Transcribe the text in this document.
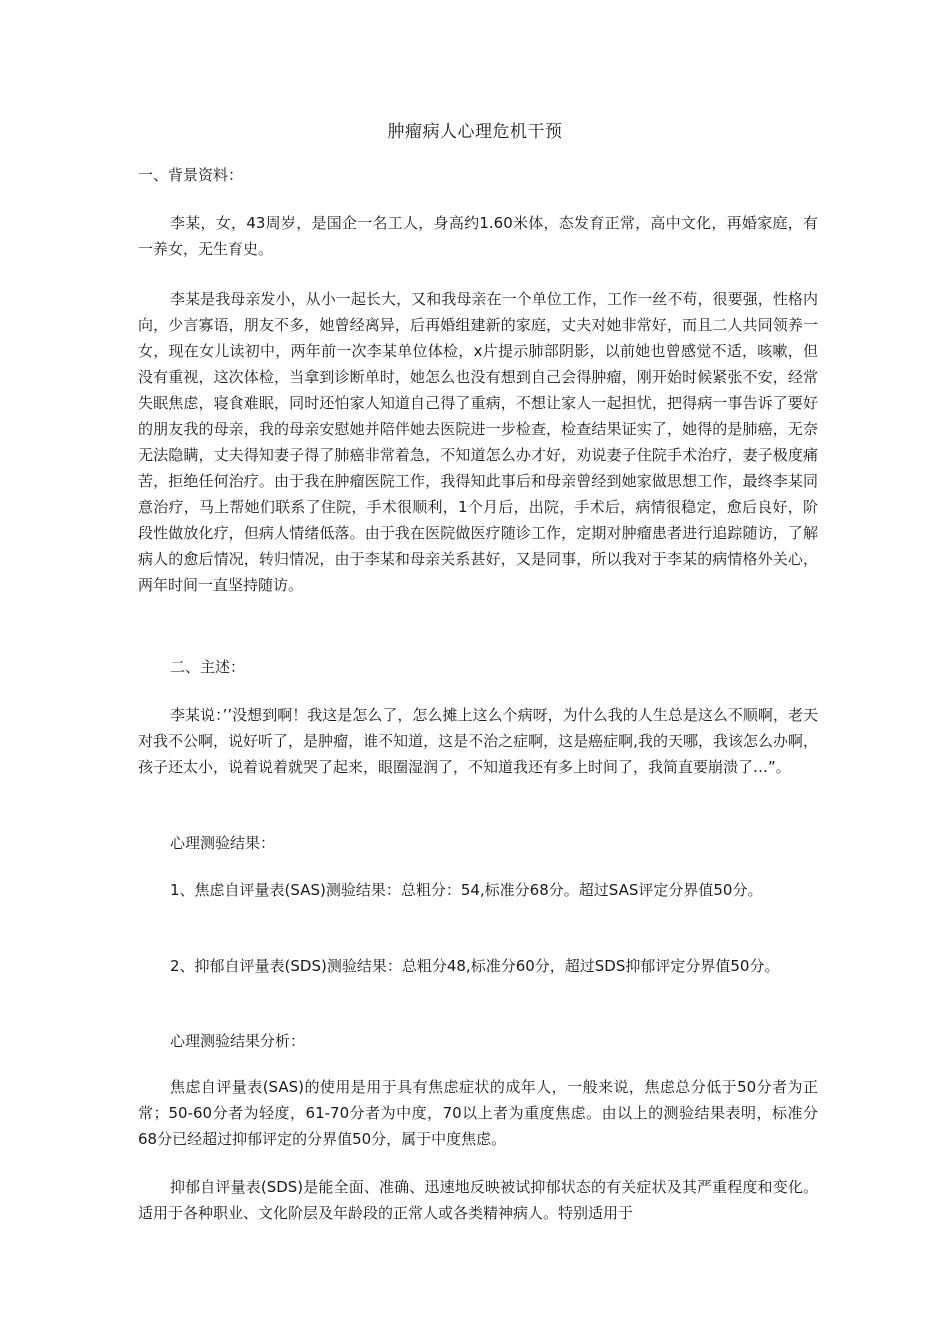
肿瘤病人心理危机干预

一、背景资料：

李某，女，43周岁，是国企一名工人，身高约1.60米体，态发育正常，高中文化，再婚家庭，有一养女，无生育史。

李某是我母亲发小，从小一起长大，又和我母亲在一个单位工作，工作一丝不苟，很要强，性格内向，少言寡语，朋友不多，她曾经离异，后再婚组建新的家庭，丈夫对她非常好，而且二人共同领养一女，现在女儿读初中，两年前一次李某单位体检，x片提示肺部阴影，以前她也曾感觉不适，咳嗽，但没有重视，这次体检，当拿到诊断单时，她怎么也没有想到自己会得肿瘤，刚开始时候紧张不安，经常失眠焦虑，寝食难眠，同时还怕家人知道自己得了重病，不想让家人一起担忧，把得病一事告诉了要好的朋友我的母亲，我的母亲安慰她并陪伴她去医院进一步检查，检查结果证实了，她得的是肺癌，无奈无法隐瞒，丈夫得知妻子得了肺癌非常着急，不知道怎么办才好，劝说妻子住院手术治疗，妻子极度痛苦，拒绝任何治疗。由于我在肿瘤医院工作，我得知此事后和母亲曾经到她家做思想工作，最终李某同意治疗，马上帮她们联系了住院，手术很顺利，1个月后，出院，手术后，病情很稳定，愈后良好，阶段性做放化疗，但病人情绪低落。由于我在医院做医疗随诊工作，定期对肿瘤患者进行追踪随访，了解病人的愈后情况，转归情况，由于李某和母亲关系甚好，又是同事，所以我对于李某的病情格外关心，两年时间一直坚持随访。

二、主述：

李某说：’’没想到啊！我这是怎么了，怎么摊上这么个病呀，为什么我的人生总是这么不顺啊，老天对我不公啊，说好听了，是肿瘤，谁不知道，这是不治之症啊，这是癌症啊,我的天哪，我该怎么办啊，孩子还太小，说着说着就哭了起来，眼圈湿润了，不知道我还有多上时间了，我简直要崩溃了…”。

心理测验结果：

1、焦虑自评量表(SAS)测验结果：总粗分：54,标准分68分。超过SAS评定分界值50分。

2、抑郁自评量表(SDS)测验结果：总粗分48,标准分60分，超过SDS抑郁评定分界值50分。

心理测验结果分析：

焦虑自评量表(SAS)的使用是用于具有焦虑症状的成年人，一般来说，焦虑总分低于50分者为正常；50-60分者为轻度，61-70分者为中度，70以上者为重度焦虑。由以上的测验结果表明，标准分68分已经超过抑郁评定的分界值50分，属于中度焦虑。

抑郁自评量表(SDS)是能全面、准确、迅速地反映被试抑郁状态的有关症状及其严重程度和变化。适用于各种职业、文化阶层及年龄段的正常人或各类精神病人。特别适用于
